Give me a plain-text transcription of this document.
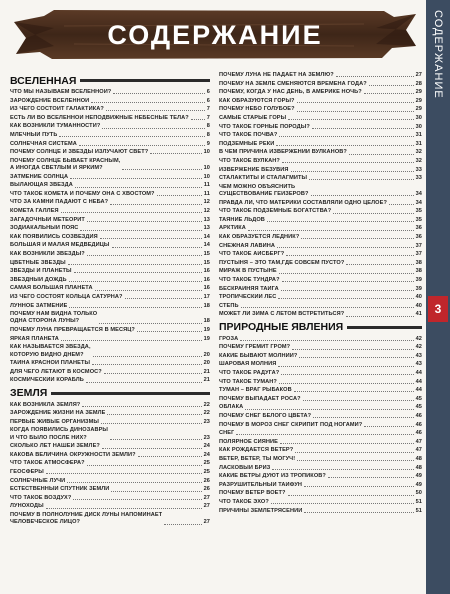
СОДЕРЖАНИЕ	СОДЕРЖАНИЕ
3
ВСЕЛЕННАЯ
ЧТО МЫ НАЗЫВАЕМ ВСЕЛЕННОЙ?	6
ЗАРОЖДЕНИЕ ВСЕЛЕННОЙ	6
ИЗ ЧЕГО СОСТОИТ ГАЛАКТИКА?	7
ЕСТЬ ЛИ ВО ВСЕЛЕННОЙ НЕПОДВИЖНЫЕ НЕБЕСНЫЕ ТЕЛА?	7
КАК ВОЗНИКЛИ ТУМАННОСТИ?	8
МЛЕЧНЫЙ ПУТЬ	8
СОЛНЕЧНАЯ СИСТЕМА	9
ПОЧЕМУ СОЛНЦЕ И ЗВЁЗДЫ ИЗЛУЧАЮТ СВЕТ?	10
ПОЧЕМУ СОЛНЦЕ БЫВАЕТ КРАСНЫМ,
А ИНОГДА СВЕТЛЫМ И ЯРКИМ?	10
ЗАТМЕНИЕ СОЛНЦА	10
ВЫЛАЮЩАЯ ЗВЕЗДА	11
ЧТО ТАКОЕ КОМЕТА И ПОЧЕМУ ОНА С ХВОСТОМ?	11
ЧТО ЗА КАМНИ ПАДАЮТ С НЕБА?	12
КОМЕТА ГАЛЛЕЯ	12
ЗАГАДОЧНЫЙ МЕТЕОРИТ	13
ЗОДИАКАЛЬНЫЙ ПОЯС	13
КАК ПОЯВИЛИСЬ СОЗВЕЗДИЯ	14
БОЛЬШАЯ И МАЛАЯ МЕДВЕДИЦЫ	14
КАК ВОЗНИКЛИ ЗВЁЗДЫ?	15
ЦВЕТНЫЕ ЗВЁЗДЫ	15
ЗВЁЗДЫ И ПЛАНЕТЫ	16
ЗВЁЗДНЫЙ ДОЖДЬ	16
САМАЯ БОЛЬШАЯ ПЛАНЕТА	16
ИЗ ЧЕГО СОСТОЯТ КОЛЬЦА САТУРНА?	17
ЛУННОЕ ЗАТМЕНИЕ	18
ПОЧЕМУ НАМ ВИДНА ТОЛЬКО
ОДНА СТОРОНА ЛУНЫ?	18
ПОЧЕМУ ЛУНА ПРЕВРАЩАЕТСЯ В МЕСЯЦ?	19
ЯРКАЯ ПЛАНЕТА	19
КАК НАЗЫВАЕТСЯ ЗВЕЗДА,
КОТОРУЮ ВИДНО ДНЁМ?	20
ТАЙНА КРАСНОЙ ПЛАНЕТЫ	20
ДЛЯ ЧЕГО ЛЕТАЮТ В КОСМОС?	21
КОСМИЧЕСКИЙ КОРАБЛЬ	21
ЗЕМЛЯ
КАК ВОЗНИКЛА ЗЕМЛЯ?	22
ЗАРОЖДЕНИЕ ЖИЗНИ НА ЗЕМЛЕ	22
ПЕРВЫЕ ЖИВЫЕ ОРГАНИЗМЫ	23
КОГДА ПОЯВИЛИСЬ ДИНОЗАВРЫ
И ЧТО БЫЛО ПОСЛЕ НИХ?	23
СКОЛЬКО ЛЕТ НАШЕЙ ЗЕМЛЕ?	24
КАКОВА ВЕЛИЧИНА ОКРУЖНОСТИ ЗЕМЛИ?	24
ЧТО ТАКОЕ АТМОСФЕРА?	25
ГЕОСФЕРЫ	25
СОЛНЕЧНЫЕ ЛУЧИ	26
ЕСТЕСТВЕННЫЙ СПУТНИК ЗЕМЛИ	26
ЧТО ТАКОЕ ВОЗДУХ?	27
ЛУНОХОДЫ	27
ПОЧЕМУ В ПОЛНОЛУНИЕ ДИСК ЛУНЫ НАПОМИНАЕТ
ЧЕЛОВЕЧЕСКОЕ ЛИЦО?	27
ПОЧЕМУ ЛУНА НЕ ПАДАЕТ НА ЗЕМЛЮ?	27
ПОЧЕМУ НА ЗЕМЛЕ СМЕНЯЮТСЯ ВРЕМЕНА ГОДА?	28
ПОЧЕМУ, КОГДА У НАС ДЕНЬ, В АМЕРИКЕ НОЧЬ?	29
КАК ОБРАЗУЮТСЯ ГОРЫ?	29
ПОЧЕМУ НЕБО ГОЛУБОЕ?	29
САМЫЕ СТАРЫЕ ГОРЫ	30
ЧТО ТАКОЕ ГОРНЫЕ ПОРОДЫ?	30
ЧТО ТАКОЕ ПОЧВА?	31
ПОДЗЕМНЫЕ РЕКИ	31
В ЧЁМ ПРИЧИНА ИЗВЕРЖЕНИЙ ВУЛКАНОВ?	32
ЧТО ТАКОЕ ВУЛКАН?	32
ИЗВЕРЖЕНИЕ ВЕЗУВИЯ	33
СТАЛАКТИТЫ И СТАЛАГМИТЫ	33
ЧЕМ МОЖНО ОБЪЯСНИТЬ
СУЩЕСТВОВАНИЕ ГЕЙЗЕРОВ?	34
ПРАВДА ЛИ, ЧТО МАТЕРИКИ СОСТАВЛЯЛИ ОДНО ЦЕЛОЕ?	34
ЧТО ТАКОЕ ПОДЗЕМНЫЕ БОГАТСТВА?	35
ТАЯНИЕ ЛЬДОВ	35
АРКТИКА	36
КАК ОБРАЗУЕТСЯ ЛЕДНИК?	36
СНЕЖНАЯ ЛАВИНА	37
ЧТО ТАКОЕ АЙСБЕРГ?	37
ПУСТЫНЯ – ЭТО ТАМ,ГДЕ СОВСЕМ ПУСТО?	38
МИРАЖ В ПУСТЫНЕ	38
ЧТО ТАКОЕ ТУНДРА?	39
БЕСКРАЙНЯЯ ТАЙГА	39
ТРОПИЧЕСКИЙ ЛЕС	40
СТЕПЬ	40
МОЖЕТ ЛИ ЗИМА С ЛЕТОМ ВСТРЕТИТЬСЯ?	41
ПРИРОДНЫЕ ЯВЛЕНИЯ
ГРОЗА	42
ПОЧЕМУ ГРЕМИТ ГРОМ?	42
КАКИЕ БЫВАЮТ МОЛНИИ?	43
ШАРОВАЯ МОЛНИЯ	43
ЧТО ТАКОЕ РАДУГА?	44
ЧТО ТАКОЕ ТУМАН?	44
ТУМАН – ВРАГ РЫБАКОВ	44
ПОЧЕМУ ВЫПАДАЕТ РОСА?	45
ОБЛАКА	45
ПОЧЕМУ СНЕГ БЕЛОГО ЦВЕТА?	46
ПОЧЕМУ В МОРОЗ СНЕГ СКРИПИТ ПОД НОГАМИ?	46
СНЕГ	46
ПОЛЯРНОЕ СИЯНИЕ	47
КАК РОЖДАЕТСЯ ВЕТЕР?	47
ВЕТЕР, ВЕТЕР, ТЫ МОГУЧ!	48
ЛАСКОВЫЙ БРИЗ	48
КАКИЕ ВЕТРЫ ДУЮТ ИЗ ТРОПИКОВ?	49
РАЗРУШИТЕЛЬНЫЙ ТАЙФУН	49
ПОЧЕМУ ВЕТЕР ВОЕТ?	50
ЧТО ТАКОЕ ЭХО?	51
ПРИЧИНЫ ЗЕМЛЕТРЯСЕНИЙ	51
